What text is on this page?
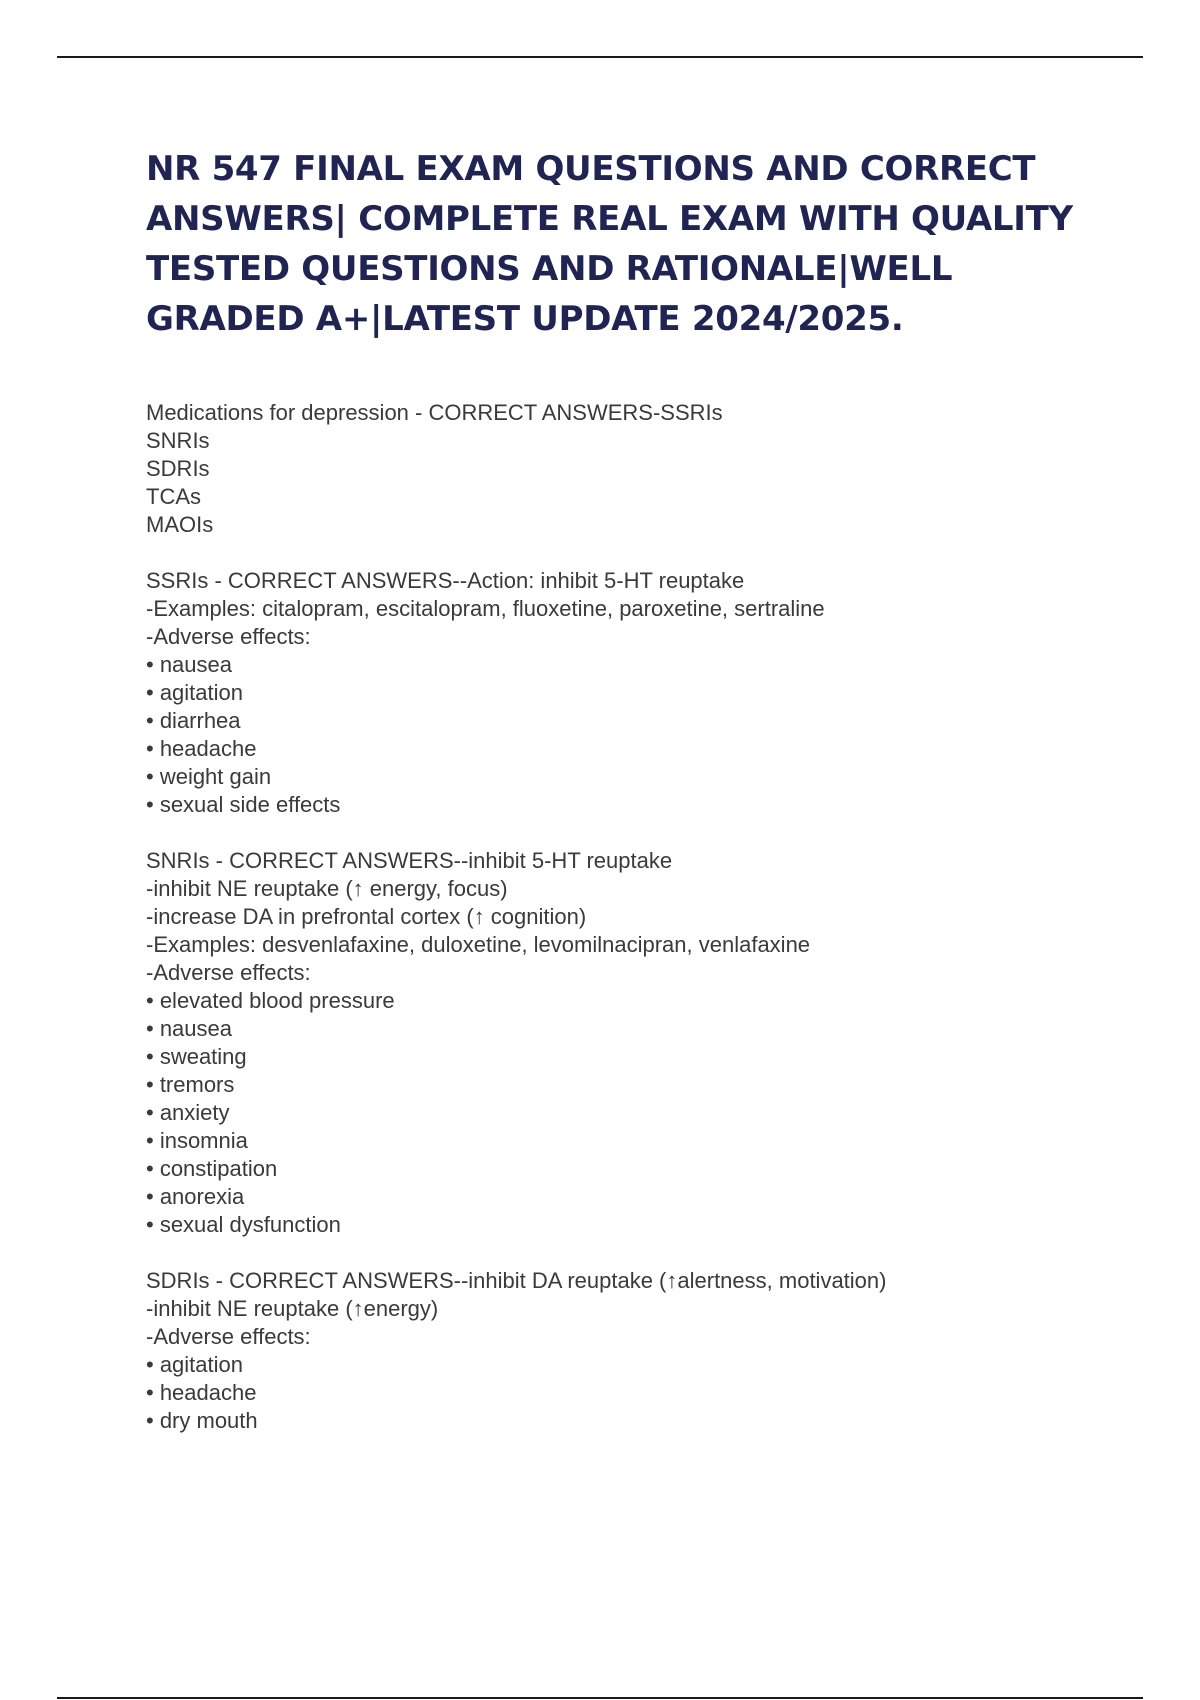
NR 547 FINAL EXAM QUESTIONS AND CORRECT ANSWERS| COMPLETE REAL EXAM WITH QUALITY TESTED QUESTIONS AND RATIONALE|WELL GRADED A+|LATEST UPDATE 2024/2025.
Medications for depression - CORRECT ANSWERS-SSRIs
SNRIs
SDRIs
TCAs
MAOIs
SSRIs - CORRECT ANSWERS--Action: inhibit 5-HT reuptake
-Examples: citalopram, escitalopram, fluoxetine, paroxetine, sertraline
-Adverse effects:
• nausea
• agitation
• diarrhea
• headache
• weight gain
• sexual side effects
SNRIs - CORRECT ANSWERS--inhibit 5-HT reuptake
-inhibit NE reuptake (↑ energy, focus)
-increase DA in prefrontal cortex (↑ cognition)
-Examples: desvenlafaxine, duloxetine, levomilnacipran, venlafaxine
-Adverse effects:
• elevated blood pressure
• nausea
• sweating
• tremors
• anxiety
• insomnia
• constipation
• anorexia
• sexual dysfunction
SDRIs - CORRECT ANSWERS--inhibit DA reuptake (↑alertness, motivation)
-inhibit NE reuptake (↑energy)
-Adverse effects:
• agitation
• headache
• dry mouth
